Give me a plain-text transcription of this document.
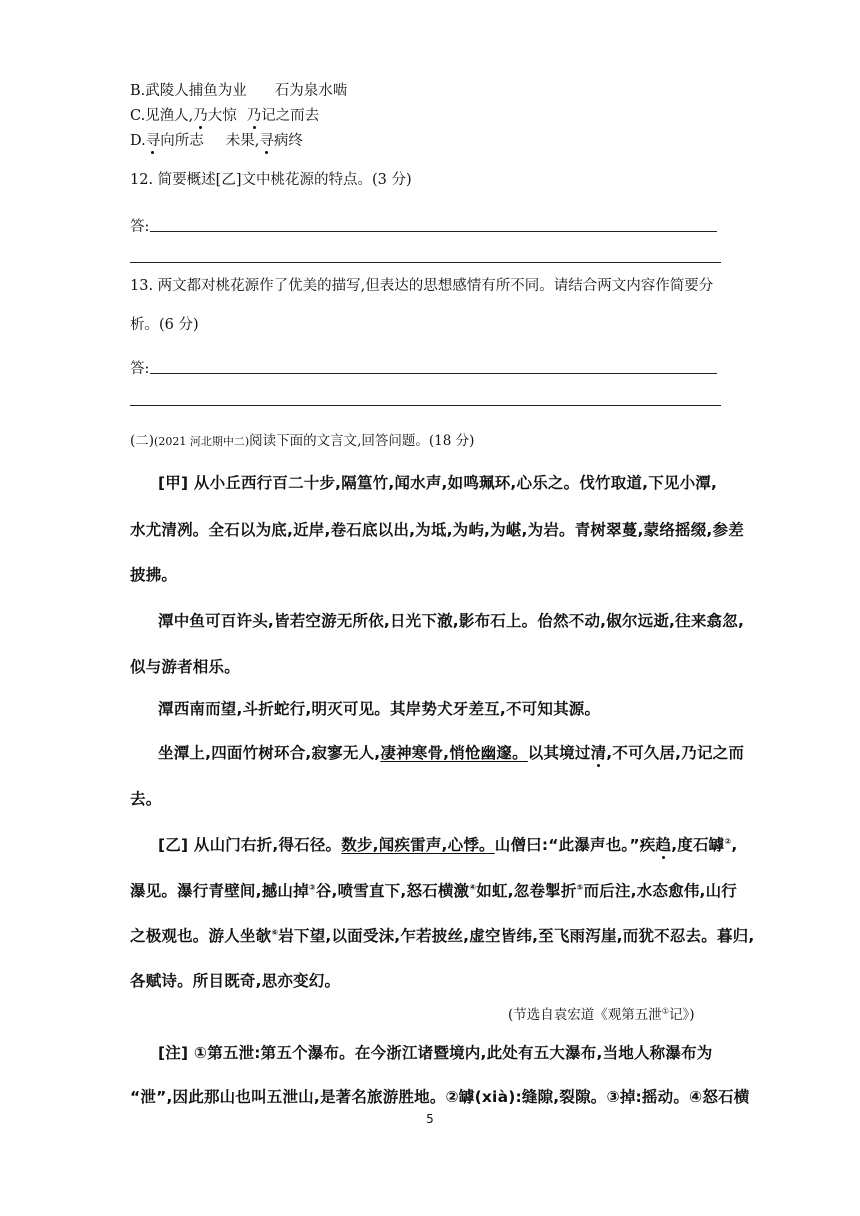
B.武陵人捕鱼为业 石为泉水啮
C.见渔人,乃大惊 乃记之而去
D.寻向所志 未果,寻病终
12. 简要概述[乙]文中桃花源的特点。(3 分)
答:
13. 两文都对桃花源作了优美的描写,但表达的思想感情有所不同。请结合两文内容作简要分
析。(6 分)
答:
(二)(2021 河北期中二)阅读下面的文言文,回答问题。(18 分)
[甲] 从小丘西行百二十步,隔篁竹,闻水声,如鸣珮环,心乐之。伐竹取道,下见小潭,
水尤清冽。全石以为底,近岸,卷石底以出,为坻,为屿,为嵁,为岩。青树翠蔓,蒙络摇缀,参差
披拂。
潭中鱼可百许头,皆若空游无所依,日光下澈,影布石上。佁然不动,俶尔远逝,往来翕忽,
似与游者相乐。
潭西南而望,斗折蛇行,明灭可见。其岸势犬牙差互,不可知其源。
坐潭上,四面竹树环合,寂寥无人,凄神寒骨,悄怆幽邃。以其境过清,不可久居,乃记之而
去。
[乙] 从山门右折,得石径。数步,闻疾雷声,心悸。山僧曰:“此瀑声也。”疾趋,度石罅②,
瀑见。瀑行青壁间,撼山掉③谷,喷雪直下,怒石横激④如虹,忽卷掣折⑤而后注,水态愈伟,山行
之极观也。游人坐欹⑥岩下望,以面受沫,乍若披丝,虚空皆纬,至飞雨泻崖,而犹不忍去。暮归,
各赋诗。所目既奇,思亦变幻。
(节选自袁宏道《观第五泄①记》)
[注] ①第五泄:第五个瀑布。在今浙江诸暨境内,此处有五大瀑布,当地人称瀑布为
“泄”,因此那山也叫五泄山,是著名旅游胜地。②罅(xià):缝隙,裂隙。③掉:摇动。④怒石横
5
